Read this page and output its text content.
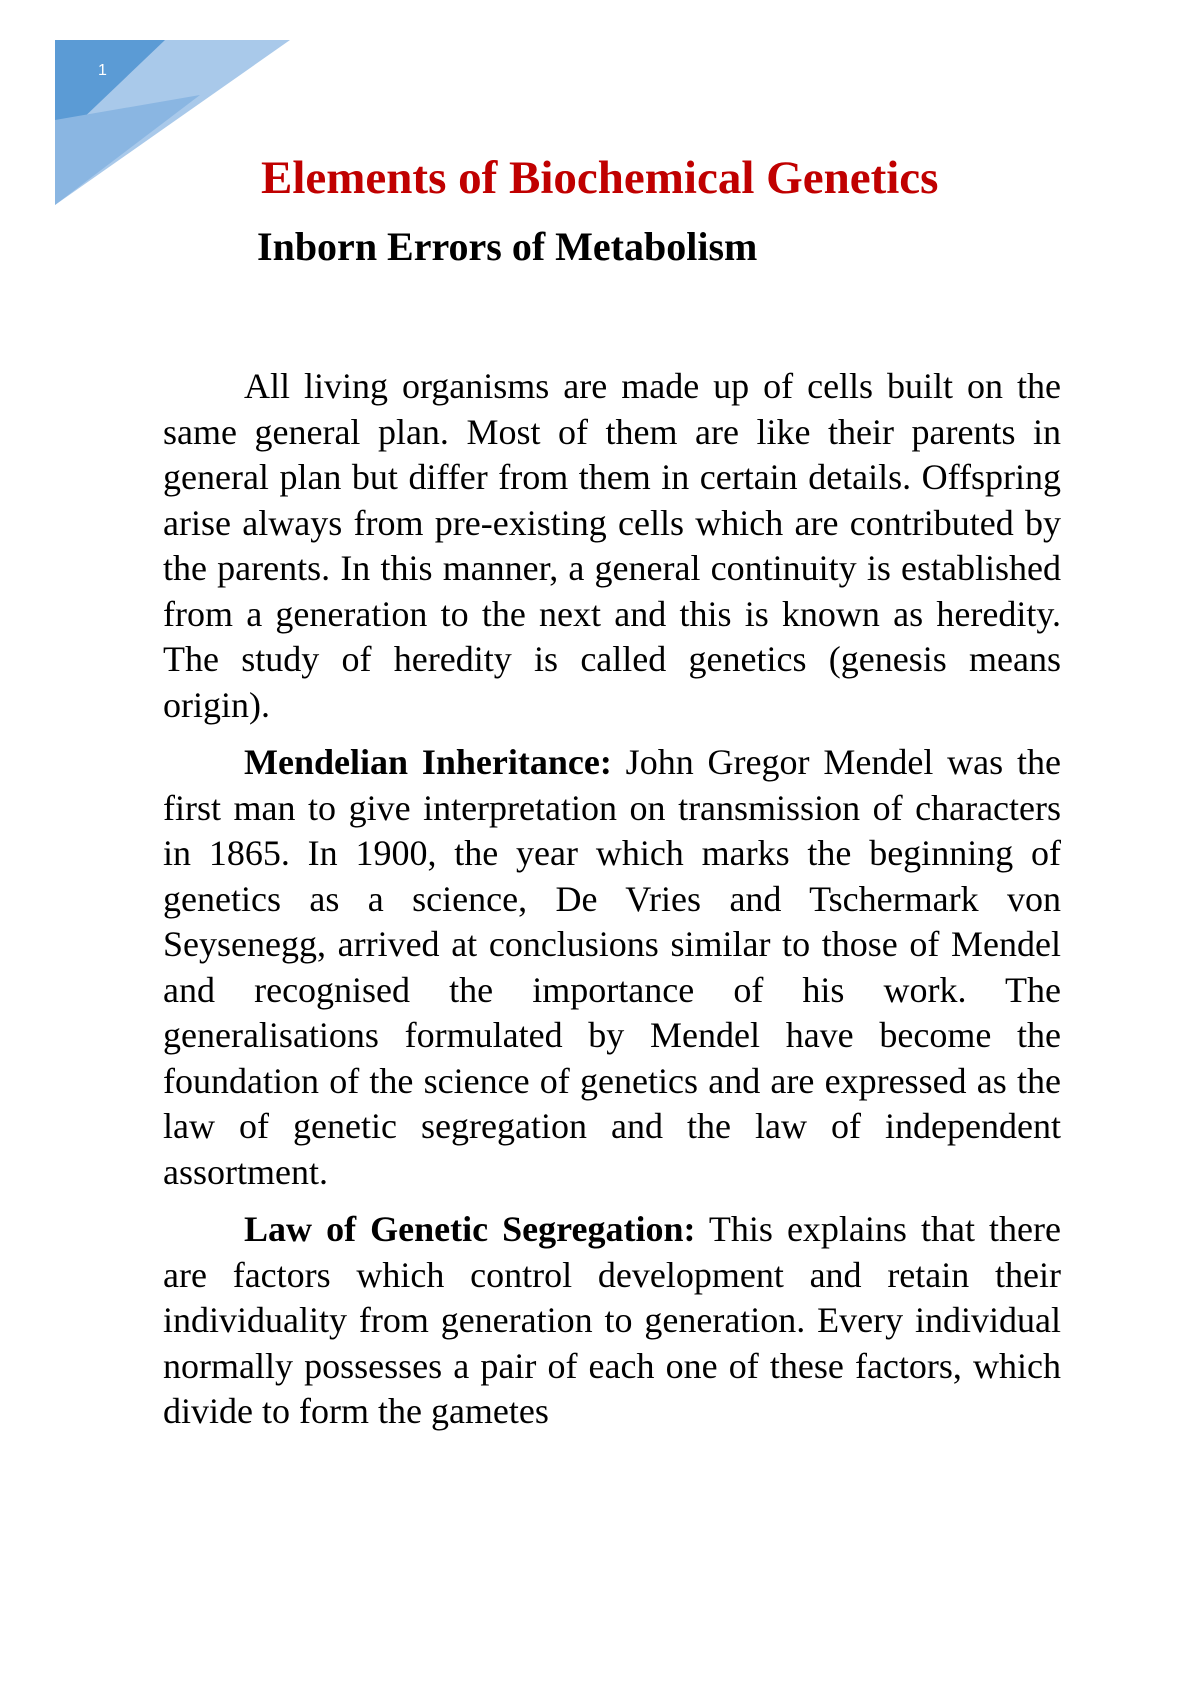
1
Elements of Biochemical Genetics
Inborn Errors of Metabolism

All living organisms are made up of cells built on the same general plan. Most of them are like their parents in general plan but differ from them in certain details. Offspring arise always from pre-existing cells which are contributed by the parents. In this manner, a general continuity is established from a generation to the next and this is known as heredity. The study of heredity is called genetics (genesis means origin).

Mendelian Inheritance: John Gregor Mendel was the first man to give interpretation on transmission of characters in 1865. In 1900, the year which marks the beginning of genetics as a science, De Vries and Tschermark von Seysenegg, arrived at conclusions similar to those of Mendel and recognised the importance of his work. The generalisations formulated by Mendel have become the foundation of the science of genetics and are expressed as the law of genetic segregation and the law of independent assortment.

Law of Genetic Segregation: This explains that there are factors which control development and retain their individuality from generation to generation. Every individual normally possesses a pair of each one of these factors, which divide to form the gametes
